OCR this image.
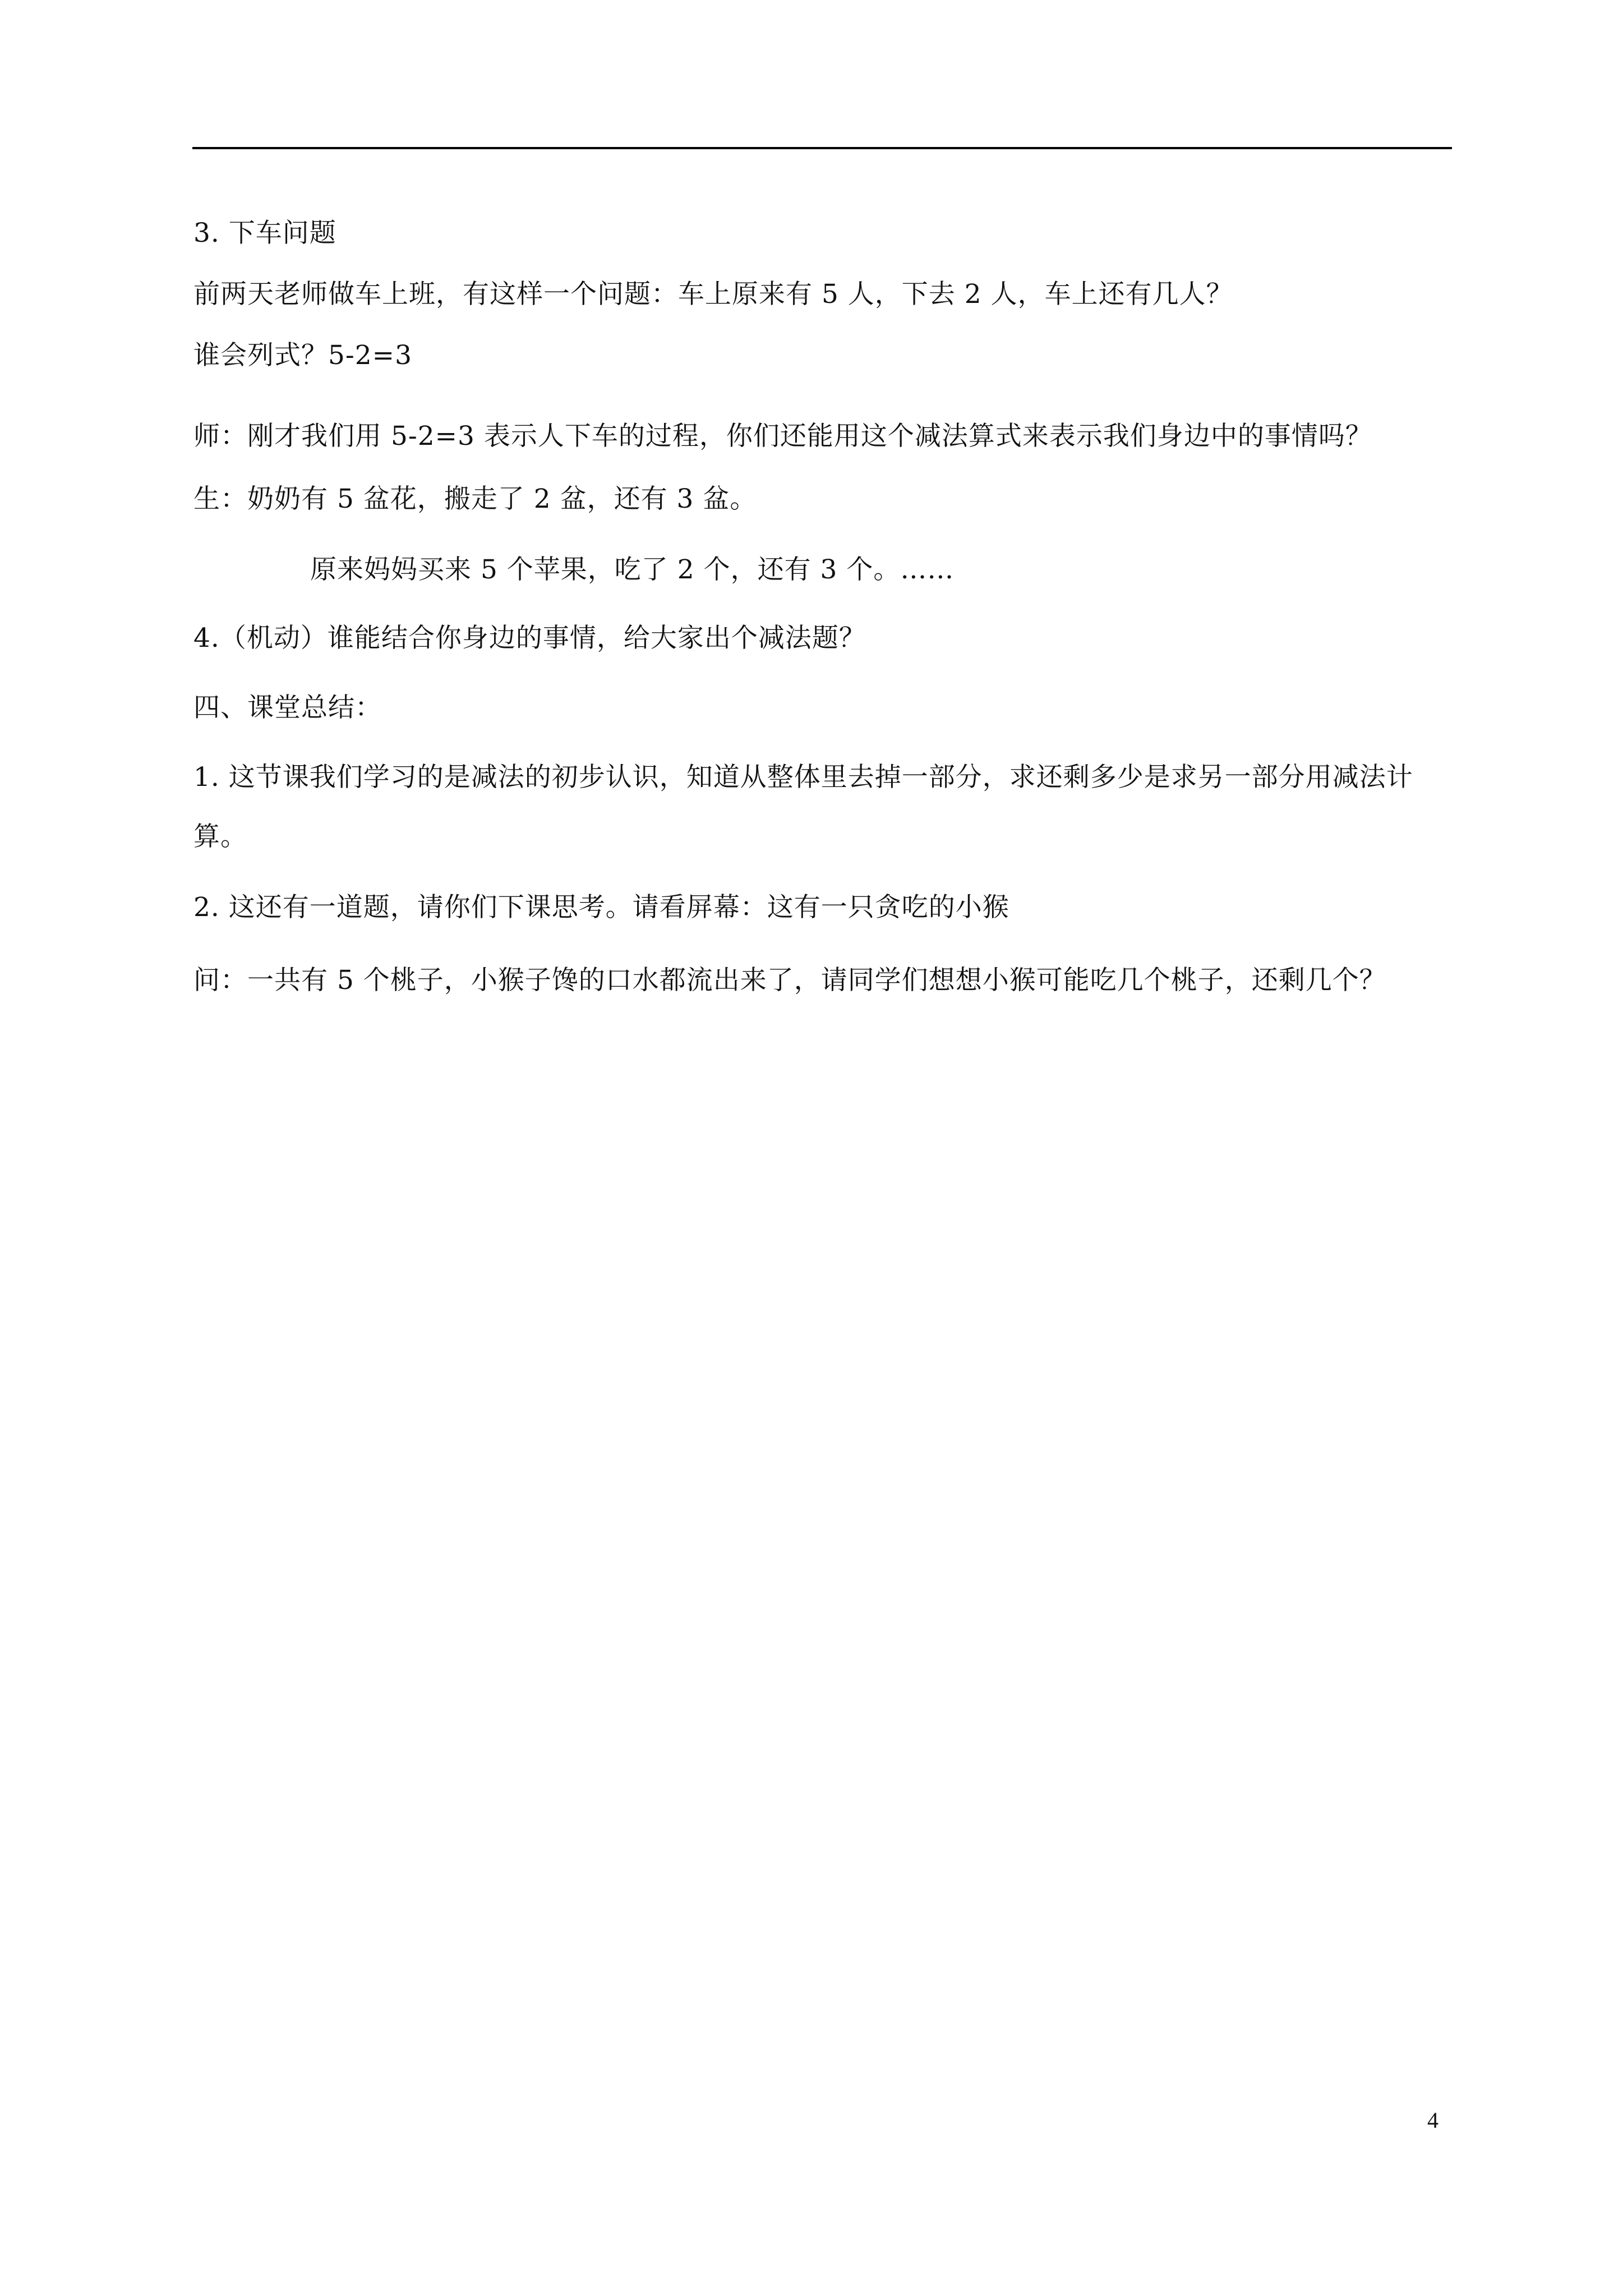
3. 下车问题
前两天老师做车上班，有这样一个问题：车上原来有 5 人，下去 2 人，车上还有几人？
谁会列式？5-2=3
师：刚才我们用 5-2=3 表示人下车的过程，你们还能用这个减法算式来表示我们身边中的事情吗？
生：奶奶有 5 盆花，搬走了 2 盆，还有 3 盆。
原来妈妈买来 5 个苹果，吃了 2 个，还有 3 个。……
4.（机动）谁能结合你身边的事情，给大家出个减法题？
四、课堂总结：
1. 这节课我们学习的是减法的初步认识，知道从整体里去掉一部分，求还剩多少是求另一部分用减法计算。
2. 这还有一道题，请你们下课思考。请看屏幕：这有一只贪吃的小猴
问：一共有 5 个桃子，小猴子馋的口水都流出来了，请同学们想想小猴可能吃几个桃子，还剩几个？
4
